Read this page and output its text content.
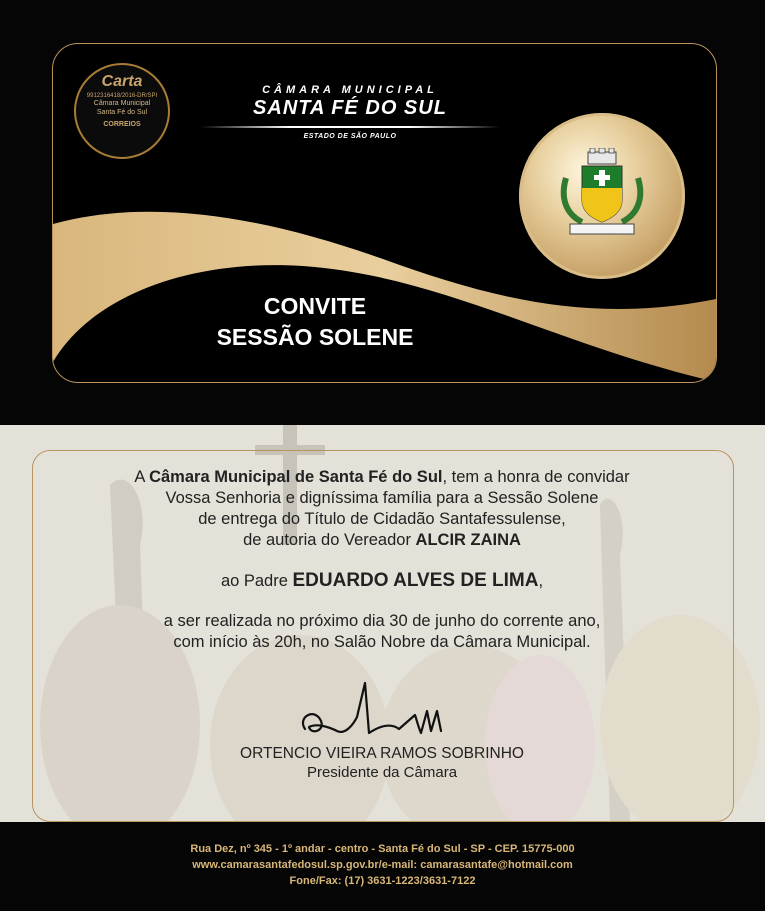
Carta
9912316418/2016-DR/SPI
Câmara Municipal
Santa Fé do Sul
CORREIOS
CÂMARA MUNICIPAL
SANTA FÉ DO SUL
ESTADO DE SÃO PAULO
CONVITE
SESSÃO SOLENE

A Câmara Municipal de Santa Fé do Sul, tem a honra de convidar

Vossa Senhoria e digníssima família para a Sessão Solene

de entrega do Título de Cidadão Santafessulense,

de autoria do Vereador ALCIR ZAINA

ao Padre EDUARDO ALVES DE LIMA,

a ser realizada no próximo dia 30 de junho do corrente ano,

com início às 20h, no Salão Nobre da Câmara Municipal.

ORTENCIO VIEIRA RAMOS SOBRINHO
Presidente da Câmara
Rua Dez, nº 345 - 1º andar - centro - Santa Fé do Sul - SP - CEP. 15775-000
www.camarasantafedosul.sp.gov.br/e-mail: camarasantafe@hotmail.com
Fone/Fax: (17) 3631-1223/3631-7122
